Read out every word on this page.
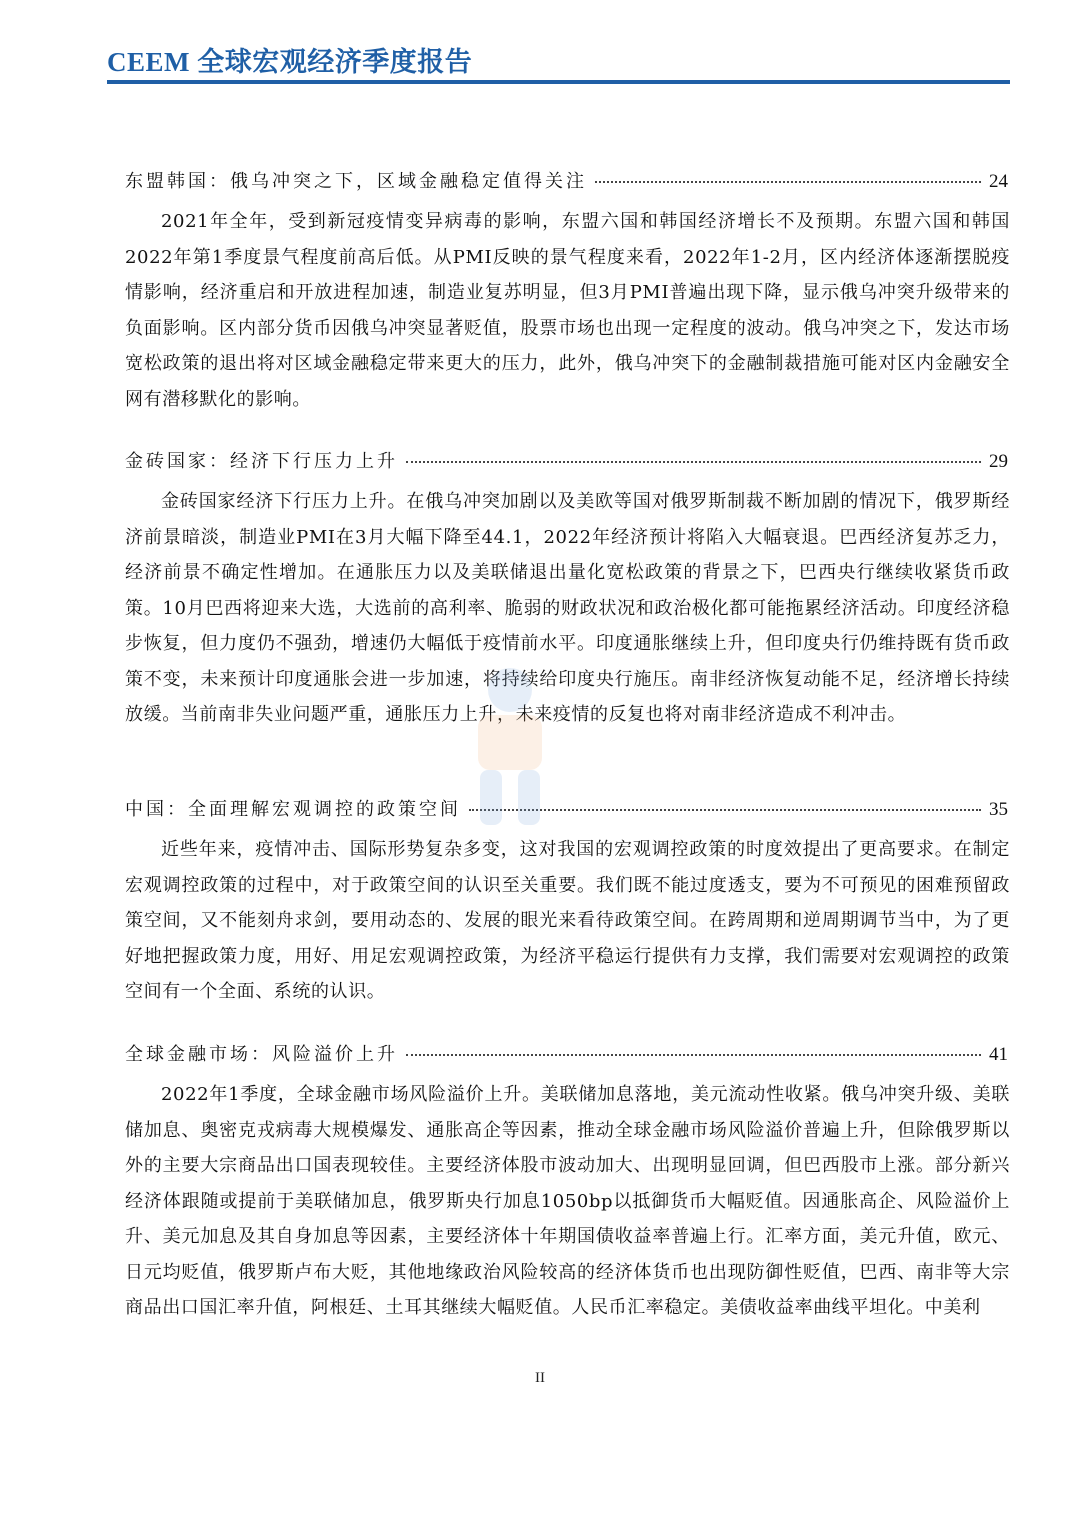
CEEM 全球宏观经济季度报告
东盟韩国：俄乌冲突之下，区域金融稳定值得关注	24
2021年全年，受到新冠疫情变异病毒的影响，东盟六国和韩国经济增长不及预期。东盟六国和韩国2022年第1季度景气程度前高后低。从PMI反映的景气程度来看，2022年1-2月，区内经济体逐渐摆脱疫情影响，经济重启和开放进程加速，制造业复苏明显，但3月PMI普遍出现下降，显示俄乌冲突升级带来的负面影响。区内部分货币因俄乌冲突显著贬值，股票市场也出现一定程度的波动。俄乌冲突之下，发达市场宽松政策的退出将对区域金融稳定带来更大的压力，此外，俄乌冲突下的金融制裁措施可能对区内金融安全网有潜移默化的影响。
金砖国家：经济下行压力上升	29
金砖国家经济下行压力上升。在俄乌冲突加剧以及美欧等国对俄罗斯制裁不断加剧的情况下，俄罗斯经济前景暗淡，制造业PMI在3月大幅下降至44.1，2022年经济预计将陷入大幅衰退。巴西经济复苏乏力，经济前景不确定性增加。在通胀压力以及美联储退出量化宽松政策的背景之下，巴西央行继续收紧货币政策。10月巴西将迎来大选，大选前的高利率、脆弱的财政状况和政治极化都可能拖累经济活动。印度经济稳步恢复，但力度仍不强劲，增速仍大幅低于疫情前水平。印度通胀继续上升，但印度央行仍维持既有货币政策不变，未来预计印度通胀会进一步加速，将持续给印度央行施压。南非经济恢复动能不足，经济增长持续放缓。当前南非失业问题严重，通胀压力上升，未来疫情的反复也将对南非经济造成不利冲击。
中国：全面理解宏观调控的政策空间	35
近些年来，疫情冲击、国际形势复杂多变，这对我国的宏观调控政策的时度效提出了更高要求。在制定宏观调控政策的过程中，对于政策空间的认识至关重要。我们既不能过度透支，要为不可预见的困难预留政策空间，又不能刻舟求剑，要用动态的、发展的眼光来看待政策空间。在跨周期和逆周期调节当中，为了更好地把握政策力度，用好、用足宏观调控政策，为经济平稳运行提供有力支撑，我们需要对宏观调控的政策空间有一个全面、系统的认识。
全球金融市场：风险溢价上升	41
2022年1季度，全球金融市场风险溢价上升。美联储加息落地，美元流动性收紧。俄乌冲突升级、美联储加息、奥密克戎病毒大规模爆发、通胀高企等因素，推动全球金融市场风险溢价普遍上升，但除俄罗斯以外的主要大宗商品出口国表现较佳。主要经济体股市波动加大、出现明显回调，但巴西股市上涨。部分新兴经济体跟随或提前于美联储加息，俄罗斯央行加息1050bp以抵御货币大幅贬值。因通胀高企、风险溢价上升、美元加息及其自身加息等因素，主要经济体十年期国债收益率普遍上行。汇率方面，美元升值，欧元、日元均贬值，俄罗斯卢布大贬，其他地缘政治风险较高的经济体货币也出现防御性贬值，巴西、南非等大宗商品出口国汇率升值，阿根廷、土耳其继续大幅贬值。人民币汇率稳定。美债收益率曲线平坦化。中美利
II
